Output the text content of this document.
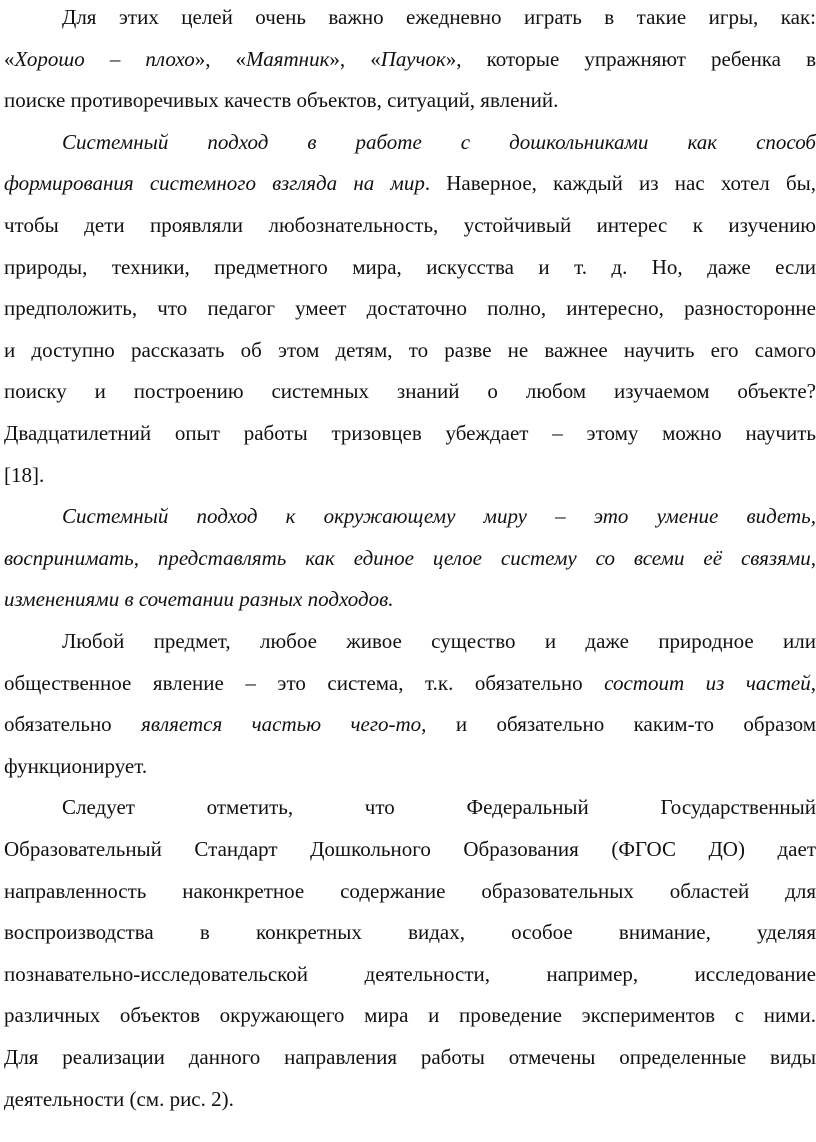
Для этих целей очень важно ежедневно играть в такие игры, как:
«Хорошо – плохо», «Маятник», «Паучок», которые упражняют ребенка в
поиске противоречивых качеств объектов, ситуаций, явлений.
Системный подход в работе с дошкольниками как способ
формирования системного взгляда на мир. Наверное, каждый из нас хотел бы,
чтобы дети проявляли любознательность, устойчивый интерес к изучению
природы, техники, предметного мира, искусства и т. д. Но, даже если
предположить, что педагог умеет достаточно полно, интересно, разносторонне
и доступно рассказать об этом детям, то разве не важнее научить его самого
поиску и построению системных знаний о любом изучаемом объекте?
Двадцатилетний опыт работы тризовцев убеждает – этому можно научить
[18].
Системный подход к окружающему миру – это умение видеть,
воспринимать, представлять как единое целое систему со всеми её связями,
изменениями в сочетании разных подходов.
Любой предмет, любое живое существо и даже природное или
общественное явление – это система, т.к. обязательно состоит из частей,
обязательно является частью чего-то, и обязательно каким-то образом
функционирует.
Следует отметить, что Федеральный Государственный
Образовательный Стандарт Дошкольного Образования (ФГОС ДО) дает
направленность наконкретное содержание образовательных областей для
воспроизводства в конкретных видах, особое внимание, уделяя
познавательно-исследовательской деятельности, например, исследование
различных объектов окружающего мира и проведение экспериментов с ними.
Для реализации данного направления работы отмечены определенные виды
деятельности (см. рис. 2).
